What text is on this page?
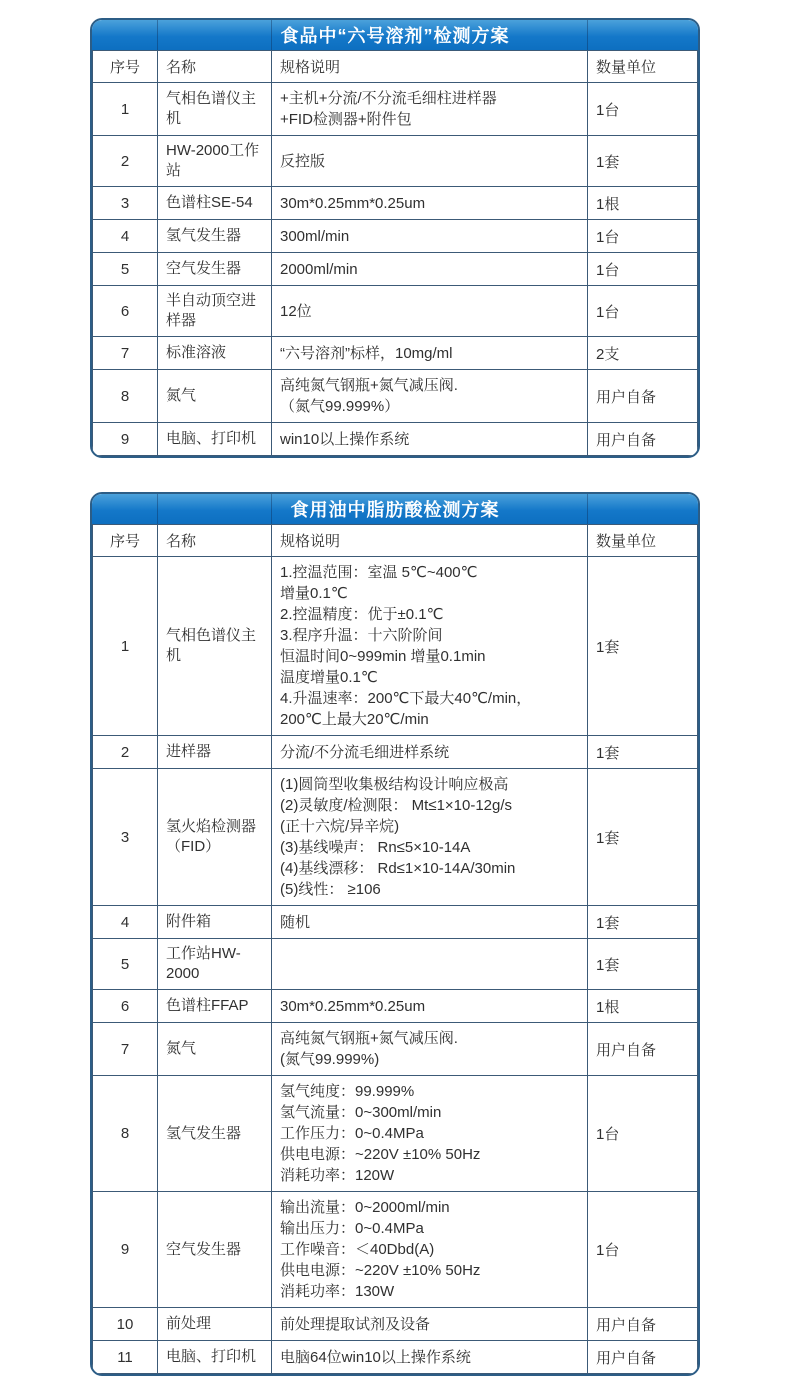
食品中“六号溶剂”检测方案
序号	名称	规格说明	数量单位
1	气相色谱仪主机	+主机+分流/不分流毛细柱进样器
+FID检测器+附件包	1台
2	HW-2000工作站	反控版	1套
3	色谱柱SE-54	30m*0.25mm*0.25um	1根
4	氢气发生器	300ml/min	1台
5	空气发生器	2000ml/min	1台
6	半自动顶空进样器	12位	1台
7	标准溶液	“六号溶剂”标样，10mg/ml	2支
8	氮气	高纯氮气钢瓶+氮气减压阀.
（氮气99.999%）	用户自备
9	电脑、打印机	win10以上操作系统	用户自备
食用油中脂肪酸检测方案
序号	名称	规格说明	数量单位
1	气相色谱仪主机	1.控温范围：室温 5℃~400℃
增量0.1℃
2.控温精度：优于±0.1℃
3.程序升温：十六阶阶间
恒温时间0~999min 增量0.1min
温度增量0.1℃
4.升温速率：200℃下最大40℃/min，
200℃上最大20℃/min	1套
2	进样器	分流/不分流毛细进样系统	1套
3	氢火焰检测器（FID）	(1)圆筒型收集极结构设计响应极高
(2)灵敏度/检测限： Mt≤1×10-12g/s
(正十六烷/异辛烷)
(3)基线噪声： Rn≤5×10-14A
(4)基线漂移： Rd≤1×10-14A/30min
(5)线性： ≥106	1套
4	附件箱	随机	1套
5	工作站HW-2000		1套
6	色谱柱FFAP	30m*0.25mm*0.25um	1根
7	氮气	高纯氮气钢瓶+氮气减压阀.
(氮气99.999%)	用户自备
8	氢气发生器	氢气纯度：99.999%
氢气流量：0~300ml/min
工作压力：0~0.4MPa
供电电源：~220V ±10% 50Hz
消耗功率：120W	1台
9	空气发生器	输出流量：0~2000ml/min
输出压力：0~0.4MPa
工作噪音：＜40Dbd(A)
供电电源：~220V ±10% 50Hz
消耗功率：130W	1台
10	前处理	前处理提取试剂及设备	用户自备
11	电脑、打印机	电脑64位win10以上操作系统	用户自备
